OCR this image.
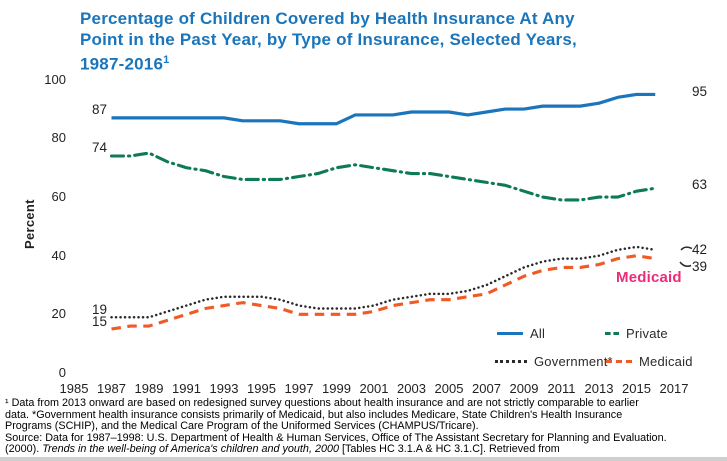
Percentage of Children Covered by Health Insurance At Any
Point in the Past Year, by Type of Insurance, Selected Years,
1987-2016$^1$
Percent
100
80
60
40
20
0
1985 1987 1989 1991 1993 1995 1997 1999 2001 2003 2005 2007 2009 2011 2013 2015 2017
87
95
74
63
19
42
15
39
Medicaid
All	Private
Government* Medicaid

¹ Data from 2013 onward are based on redesigned survey questions about health insurance and are not strictly comparable to earlier
data. *Government health insurance consists primarily of Medicaid, but also includes Medicare, State Children's Health Insurance
Programs (SCHIP), and the Medical Care Program of the Uniformed Services (CHAMPUS/Tricare).

Source: Data for 1987–1998: U.S. Department of Health & Human Services, Office of The Assistant Secretary for Planning and Evaluation.
(2000). Trends in the well-being of America's children and youth, 2000 [Tables HC 3.1.A & HC 3.1.C]. Retrieved from
